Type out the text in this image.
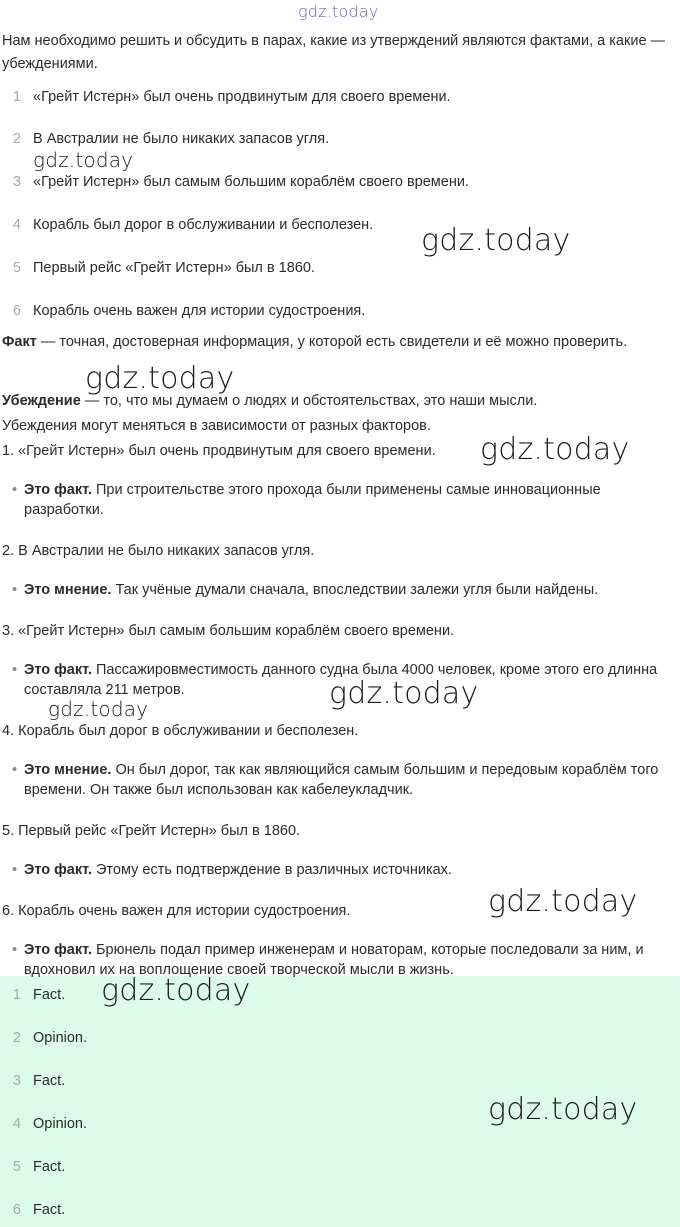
gdz.today
gdz.today
gdz.today
gdz.today
gdz.today
gdz.today
gdz.today
gdz.today
gdz.today
gdz.today
Нам необходимо решить и обсудить в парах, какие из утверждений являются фактами, а какие — убеждениями.
1 «Грейт Истерн» был очень продвинутым для своего времени.
2 В Австралии не было никаких запасов угля.
3 «Грейт Истерн» был самым большим кораблём своего времени.
4 Корабль был дорог в обслуживании и бесполезен.
5 Первый рейс «Грейт Истерн» был в 1860.
6 Корабль очень важен для истории судостроения.
Факт — точная, достоверная информация, у которой есть свидетели и её можно проверить.
Убеждение — то, что мы думаем о людях и обстоятельствах, это наши мысли.
Убеждения могут меняться в зависимости от разных факторов.
1. «Грейт Истерн» был очень продвинутым для своего времени.
• Это факт. При строительстве этого прохода были применены самые инновационные разработки.
2. В Австралии не было никаких запасов угля.
• Это мнение. Так учёные думали сначала, впоследствии залежи угля были найдены.
3. «Грейт Истерн» был самым большим кораблём своего времени.
• Это факт. Пассажировместимость данного судна была 4000 человек, кроме этого его длинна составляла 211 метров.
4. Корабль был дорог в обслуживании и бесполезен.
• Это мнение. Он был дорог, так как являющийся самым большим и передовым кораблём того времени. Он также был использован как кабелеукладчик.
5. Первый рейс «Грейт Истерн» был в 1860.
• Это факт. Этому есть подтверждение в различных источниках.
6. Корабль очень важен для истории судостроения.
• Это факт. Брюнель подал пример инженерам и новаторам, которые последовали за ним, и вдохновил их на воплощение своей творческой мысли в жизнь.
1 Fact.
2 Opinion.
3 Fact.
4 Opinion.
5 Fact.
6 Fact.
